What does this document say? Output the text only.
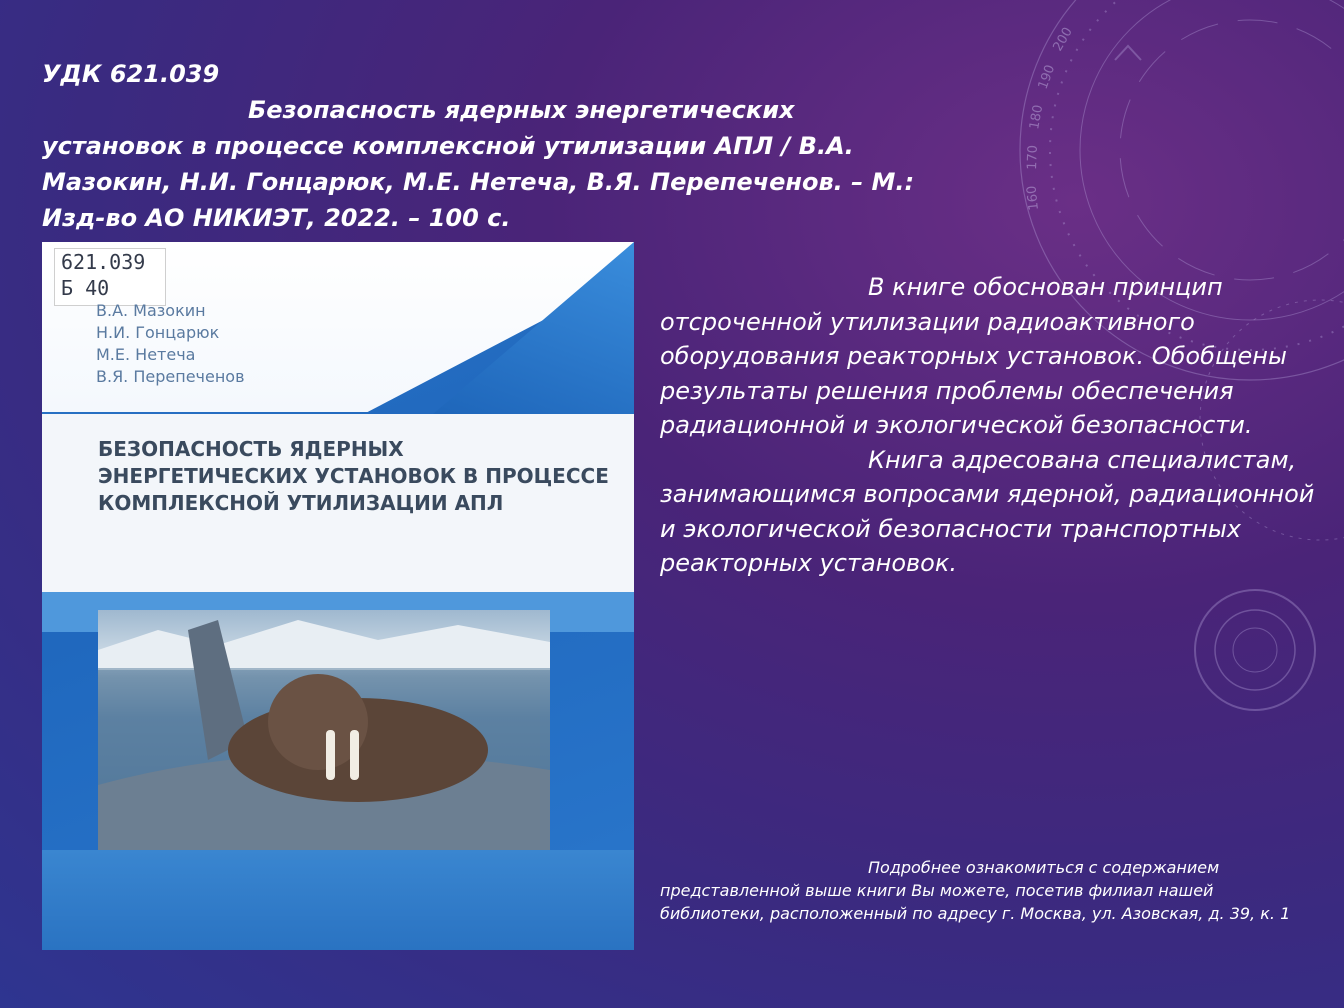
200
190
180
170
160
УДК 621.039
Безопасность ядерных энергетических установок в процессе комплексной утилизации АПЛ / В.А. Мазокин, Н.И. Гонцарюк, М.Е. Нетеча, В.Я. Перепеченов. – М.: Изд-во АО НИКИЭТ, 2022. – 100 с.
621.039
Б 40
В.А. Мазокин
Н.И. Гонцарюк
М.Е. Нетеча
В.Я. Перепеченов
БЕЗОПАСНОСТЬ ЯДЕРНЫХ ЭНЕРГЕТИЧЕСКИХ УСТАНОВОК В ПРОЦЕССЕ КОМПЛЕКСНОЙ УТИЛИЗАЦИИ АПЛ

В книге обоснован принцип отсроченной утилизации радиоактивного оборудования реакторных установок. Обобщены результаты решения проблемы обеспечения радиационной и экологической безопасности.

Книга адресована специалистам, занимающимся вопросами ядерной, радиационной и экологической безопасности транспортных реакторных установок.

Подробнее ознакомиться с содержанием представленной выше книги Вы можете, посетив филиал нашей библиотеки, расположенный по адресу г. Москва, ул. Азовская, д. 39, к. 1
